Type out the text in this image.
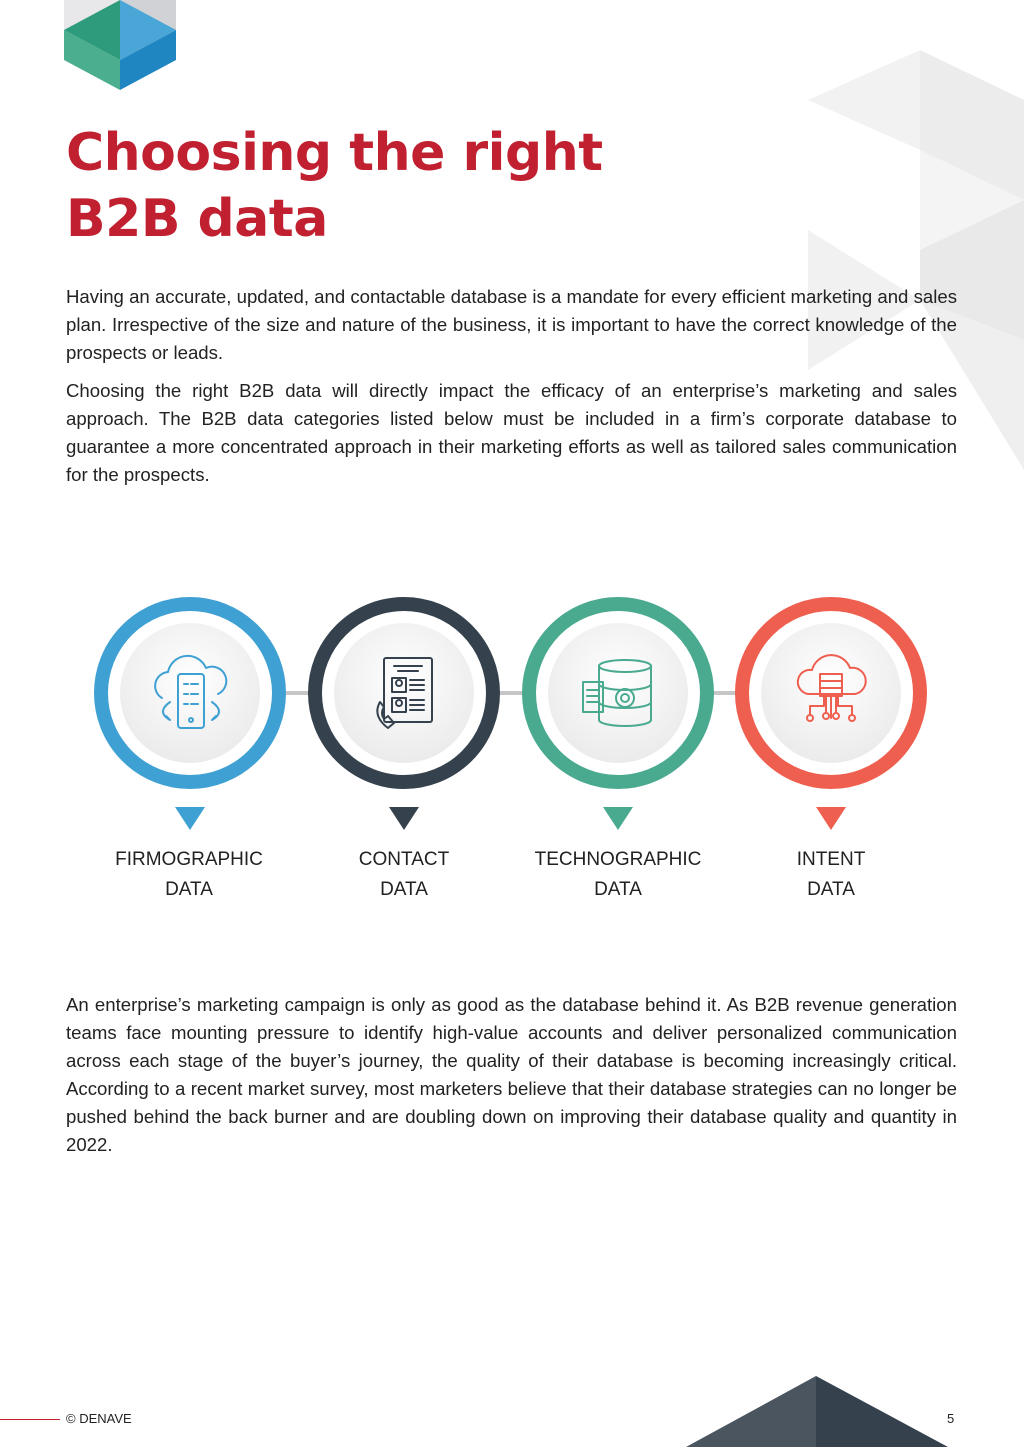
Choosing the right
B2B data

Having an accurate, updated, and contactable database is a mandate for every efficient marketing and sales plan. Irrespective of the size and nature of the business, it is important to have the correct knowledge of the prospects or leads.

Choosing the right B2B data will directly impact the efficacy of an enterprise’s marketing and sales approach. The B2B data categories listed below must be included in a firm’s corporate database to guarantee a more concentrated approach in their marketing efforts as well as tailored sales communication for the prospects.

FIRMOGRAPHIC
DATA
CONTACT
DATA
TECHNOGRAPHIC
DATA
INTENT
DATA

An enterprise’s marketing campaign is only as good as the database behind it. As B2B revenue generation teams face mounting pressure to identify high-value accounts and deliver personalized communication across each stage of the buyer’s journey, the quality of their database is becoming increasingly critical. According to a recent market survey, most marketers believe that their database strategies can no longer be pushed behind the back burner and are doubling down on improving their database quality and quantity in 2022.

© DENAVE	5
